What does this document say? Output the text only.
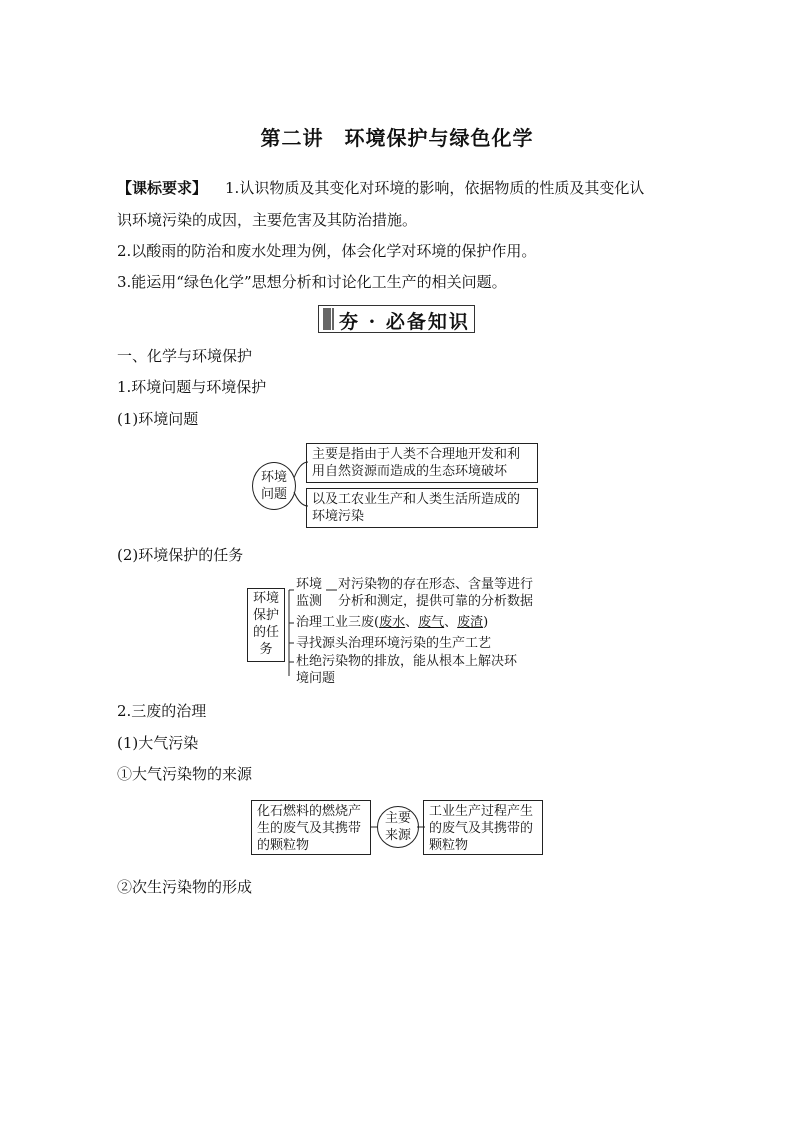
第二讲　环境保护与绿色化学
【课标要求】 1.认识物质及其变化对环境的影响，依据物质的性质及其变化认
识环境污染的成因，主要危害及其防治措施。
2.以酸雨的防治和废水处理为例，体会化学对环境的保护作用。
3.能运用“绿色化学”思想分析和讨论化工生产的相关问题。
夯 · 必备知识
一、化学与环境保护
1.环境问题与环境保护
(1)环境问题
环境问题
主要是指由于人类不合理地开发和利用自然资源而造成的生态环境破坏
以及工农业生产和人类生活所造成的环境污染
(2)环境保护的任务
环境保护的任务
环境
监测
对污染物的存在形态、含量等进行
分析和测定，提供可靠的分析数据
治理工业三废(废水、废气、废渣)
寻找源头治理环境污染的生产工艺
杜绝污染物的排放，能从根本上解决环
境问题
2.三废的治理
(1)大气污染
①大气污染物的来源
化石燃料的燃烧产生的废气及其携带的颗粒物
主要来源
工业生产过程产生的废气及其携带的颗粒物
②次生污染物的形成
